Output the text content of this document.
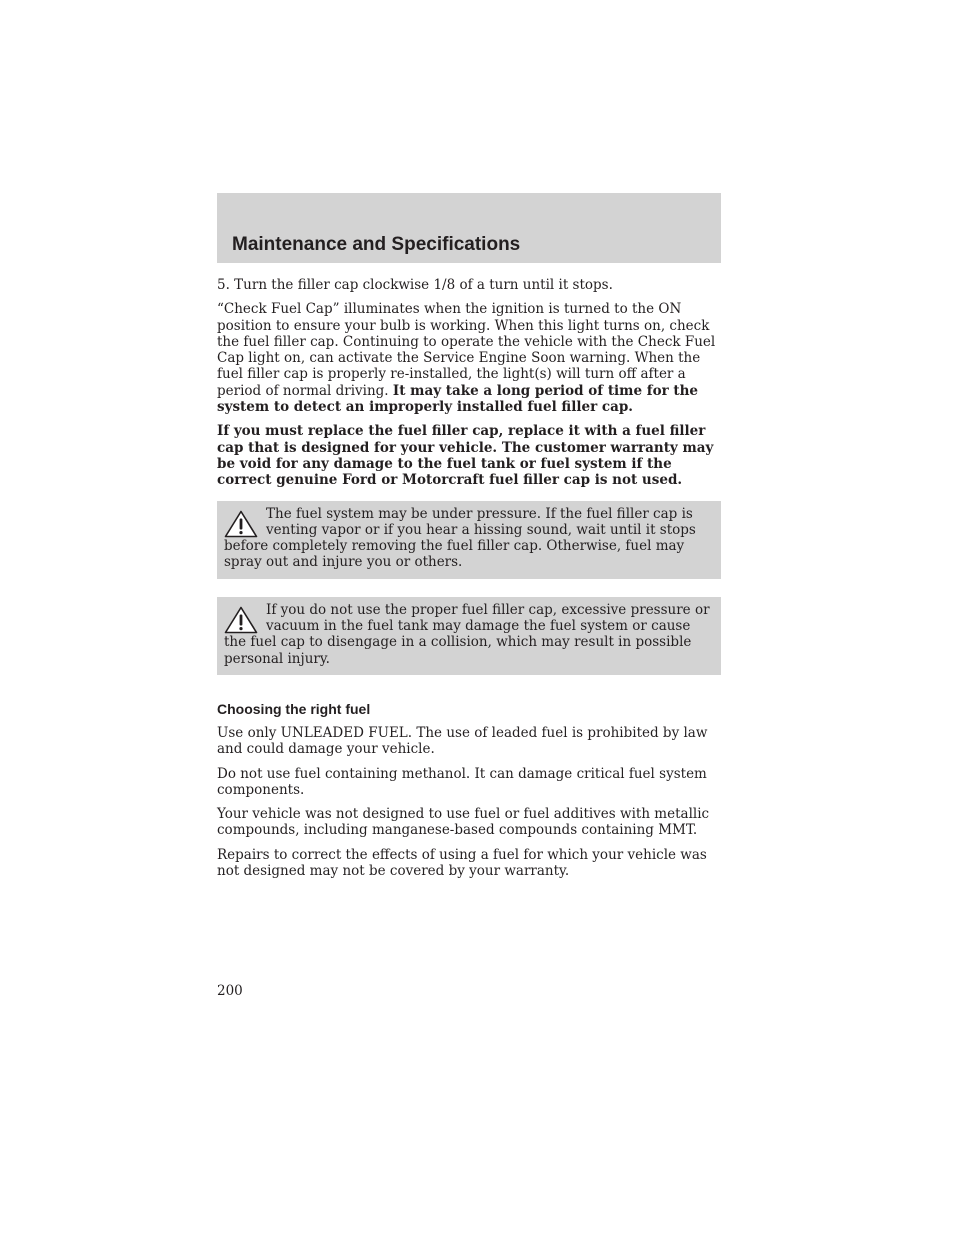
Maintenance and Specifications

5. Turn the filler cap clockwise 1/8 of a turn until it stops.

“Check Fuel Cap” illuminates when the ignition is turned to the ON position to ensure your bulb is working. When this light turns on, check the fuel filler cap. Continuing to operate the vehicle with the Check Fuel Cap light on, can activate the Service Engine Soon warning. When the fuel filler cap is properly re-installed, the light(s) will turn off after a period of normal driving. It may take a long period of time for the system to detect an improperly installed fuel filler cap.

If you must replace the fuel filler cap, replace it with a fuel filler cap that is designed for your vehicle. The customer warranty may be void for any damage to the fuel tank or fuel system if the correct genuine Ford or Motorcraft fuel filler cap is not used.

The fuel system may be under pressure. If the fuel filler cap is venting vapor or if you hear a hissing sound, wait until it stops before completely removing the fuel filler cap. Otherwise, fuel may spray out and injure you or others.
If you do not use the proper fuel filler cap, excessive pressure or vacuum in the fuel tank may damage the fuel system or cause the fuel cap to disengage in a collision, which may result in possible personal injury.
Choosing the right fuel

Use only UNLEADED FUEL. The use of leaded fuel is prohibited by law and could damage your vehicle.

Do not use fuel containing methanol. It can damage critical fuel system components.

Your vehicle was not designed to use fuel or fuel additives with metallic compounds, including manganese-based compounds containing MMT.

Repairs to correct the effects of using a fuel for which your vehicle was not designed may not be covered by your warranty.

200
